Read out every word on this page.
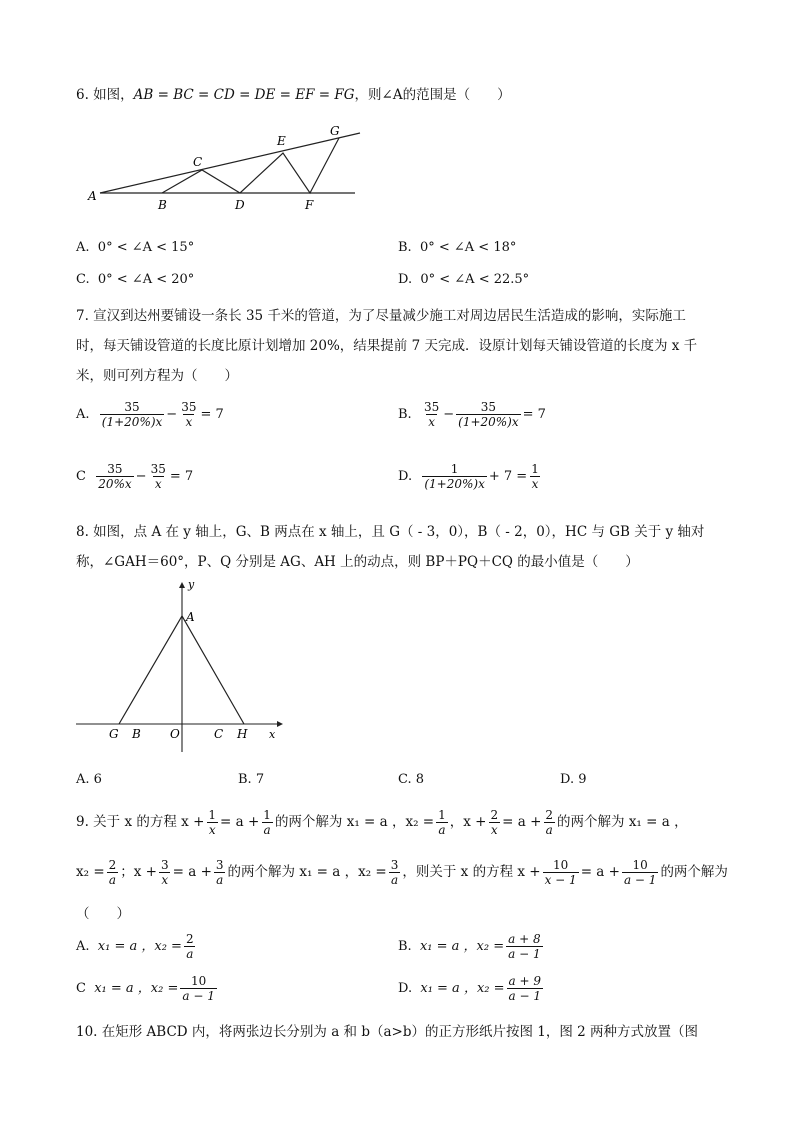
6. 如图，AB = BC = CD = DE = EF = FG，则∠A的范围是（　　）
A
B
C
D
E
F
G
A. 0° < ∠A < 15°	B. 0° < ∠A < 18°
C. 0° < ∠A < 20°	D. 0° < ∠A < 22.5°
7. 宣汉到达州要铺设一条长 35 千米的管道，为了尽量减少施工对周边居民生活造成的影响，实际施工
时，每天铺设管道的长度比原计划增加 20%，结果提前 7 天完成．设原计划每天铺设管道的长度为 x 千
米，则可列方程为（　　）
A. $\frac{35}{(1+20\%)x} - \frac{35}{x} = 7$	B. $\frac{35}{x} - \frac{35}{(1+20\%)x} = 7$
C $\frac{35}{20\%x} - \frac{35}{x} = 7$	D. $\frac{1}{(1+20\%)x} + 7 = \frac{1}{x}$
8. 如图，点 A 在 y 轴上，G、B 两点在 x 轴上，且 G（ - 3，0），B（ - 2，0），HC 与 GB 关于 y 轴对
称，∠GAH＝60°，P、Q 分别是 AG、AH 上的动点，则 BP＋PQ＋CQ 的最小值是（　　）
y
A
G B O	C H x
A. 6	B. 7	C. 8	D. 9
9. 关于 x 的方程 $x + \frac{1}{x} = a + \frac{1}{a}$ 的两个解为 x₁ = a ，$x_2 = \frac{1}{a}$ ，$x + \frac{2}{x} = a + \frac{2}{a}$ 的两个解为 x₁ = a ，
$x_2 = \frac{2}{a}$ ；$x + \frac{3}{x} = a + \frac{3}{a}$ 的两个解为 x₁ = a ，$x_2 = \frac{3}{a}$ ，则关于 x 的方程 $x + \frac{10}{x - 1} = a + \frac{10}{a - 1}$ 的两个解为
（　　）
A. x₁ = a ，$x_2 = \frac{2}{a}$	B. x₁ = a ，$x_2 = \frac{a + 8}{a - 1}$
C x₁ = a ，$x_2 = \frac{10}{a - 1}$	D. x₁ = a ，$x_2 = \frac{a + 9}{a - 1}$
10. 在矩形 ABCD 内，将两张边长分别为 a 和 b（a>b）的正方形纸片按图 1，图 2 两种方式放置（图
